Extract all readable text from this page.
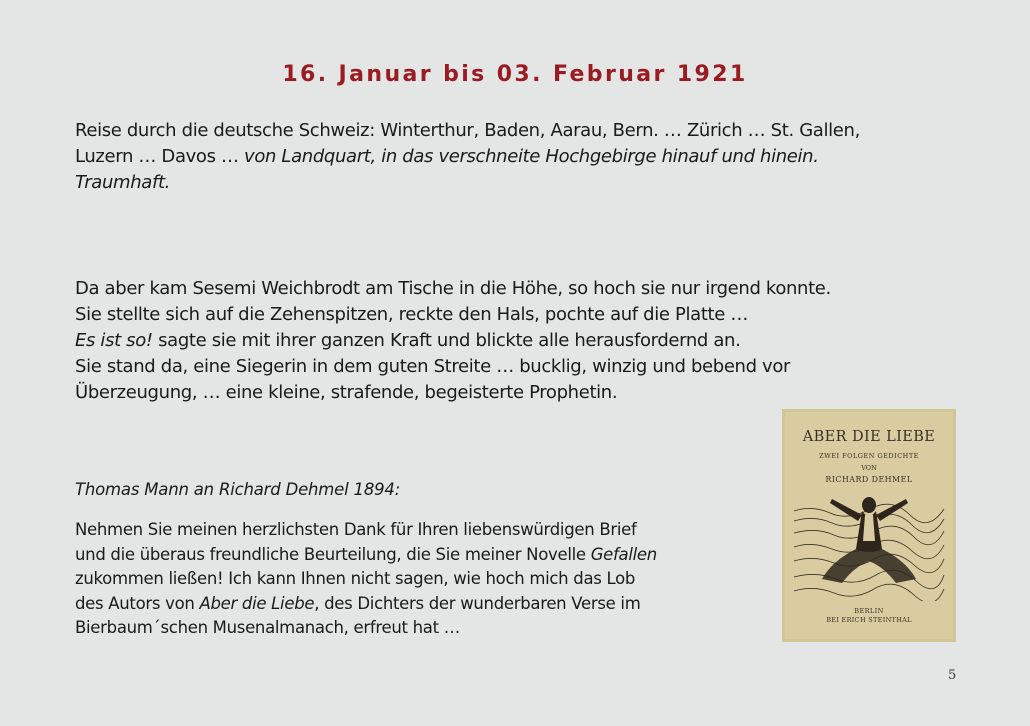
16. Januar bis 03. Februar 1921

Reise durch die deutsche Schweiz: Winterthur, Baden, Aarau, Bern. … Zürich … St. Gallen,
Luzern … Davos … von Landquart, in das verschneite Hochgebirge hinauf und hinein.
Traumhaft.

Da aber kam Sesemi Weichbrodt am Tische in die Höhe, so hoch sie nur irgend konnte.
Sie stellte sich auf die Zehenspitzen, reckte den Hals, pochte auf die Platte …
Es ist so! sagte sie mit ihrer ganzen Kraft und blickte alle herausfordernd an.
Sie stand da, eine Siegerin in dem guten Streite … bucklig, winzig und bebend vor
Überzeugung, … eine kleine, strafende, begeisterte Prophetin.

Thomas Mann an Richard Dehmel 1894:

Nehmen Sie meinen herzlichsten Dank für Ihren liebenswürdigen Brief
und die überaus freundliche Beurteilung, die Sie meiner Novelle Gefallen
zukommen ließen! Ich kann Ihnen nicht sagen, wie hoch mich das Lob
des Autors von Aber die Liebe, des Dichters der wunderbaren Verse im
Bierbaum´schen Musenalmanach, erfreut hat …

ABER DIE LIEBE
ZWEI FOLGEN GEDICHTE
VON
RICHARD DEHMEL
BERLIN
BEI ERICH STEINTHAL
5
